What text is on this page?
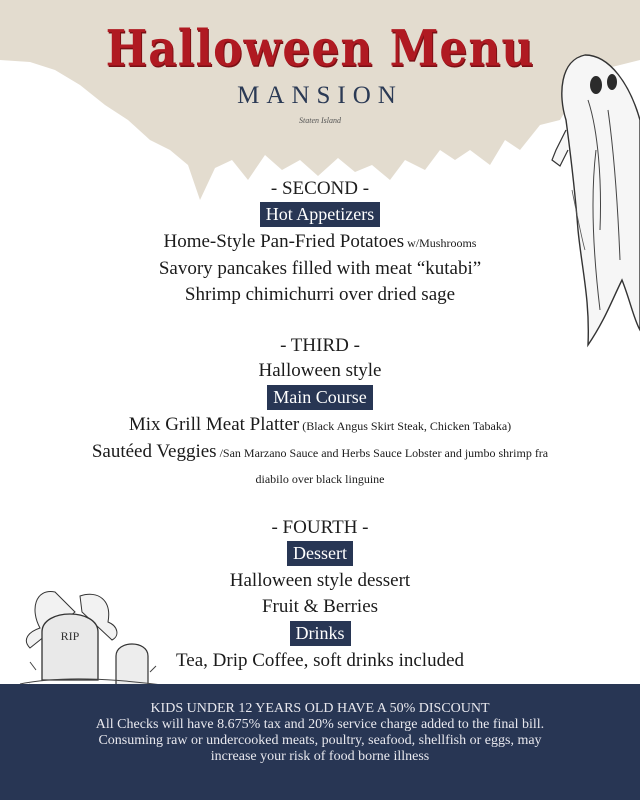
RIP
Halloween Menu
MANSION
Staten Island
- SECOND -
Hot Appetizers
Home-Style Pan-Fried Potatoes w/Mushrooms
Savory pancakes filled with meat “kutabi”
Shrimp chimichurri over dried sage
- THIRD -
Halloween style
Main Course
Mix Grill Meat Platter (Black Angus Skirt Steak, Chicken Tabaka)
Sautéed Veggies /San Marzano Sauce and Herbs Sauce Lobster and jumbo shrimp fra
diabilo over black linguine
- FOURTH -
Dessert
Halloween style dessert
Fruit & Berries
Drinks
Tea, Drip Coffee, soft drinks included
KIDS UNDER 12 YEARS OLD HAVE A 50% DISCOUNT
All Checks will have 8.675% tax and 20% service charge added to the final bill.
Consuming raw or undercooked meats, poultry, seafood, shellfish or eggs, may
increase your risk of food borne illness
